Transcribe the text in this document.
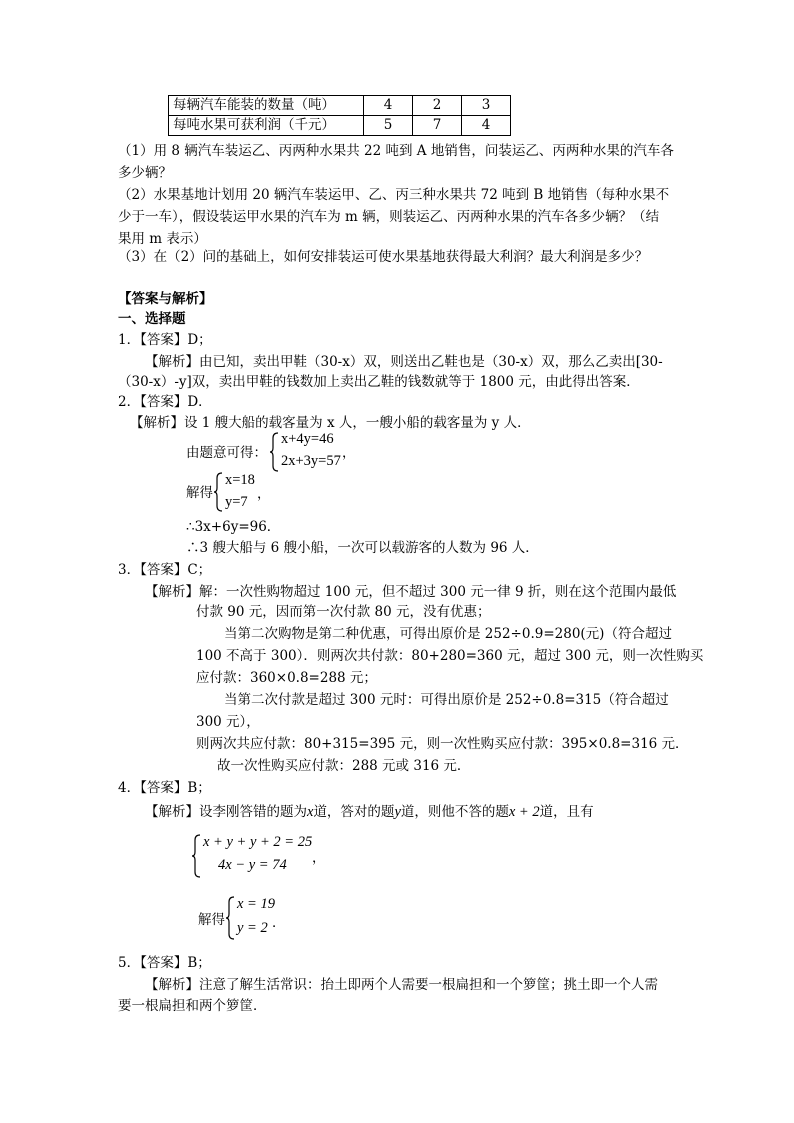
每辆汽车能装的数量（吨）	4	2	3
每吨水果可获利润（千元）	5	7	4
（1）用 8 辆汽车装运乙、丙两种水果共 22 吨到 A 地销售，问装运乙、丙两种水果的汽车各
多少辆？
（2）水果基地计划用 20 辆汽车装运甲、乙、丙三种水果共 72 吨到 B 地销售（每种水果不
少于一车），假设装运甲水果的汽车为 m 辆，则装运乙、丙两种水果的汽车各多少辆？（结
果用 m 表示）
（3）在（2）问的基础上，如何安排装运可使水果基地获得最大利润？最大利润是多少？
【答案与解析】
一、选择题
1．【答案】D；
【解析】由已知，卖出甲鞋（30-x）双，则送出乙鞋也是（30-x）双，那么乙卖出[30-
（30-x）-y]双，卖出甲鞋的钱数加上卖出乙鞋的钱数就等于 1800 元，由此得出答案．
2．【答案】D．
【解析】设 1 艘大船的载客量为 x 人，一艘小船的载客量为 y 人．
由题意可得：
x+4y=46
2x+3y=57 ，
解得
x=18
y=7 ，
∴3x+6y=96．
∴3 艘大船与 6 艘小船，一次可以载游客的人数为 96 人．
3．【答案】C；
【解析】解：一次性购物超过 100 元，但不超过 300 元一律 9 折，则在这个范围内最低
付款 90 元，因而第一次付款 80 元，没有优惠；
当第二次购物是第二种优惠，可得出原价是 252÷0.9=280(元)（符合超过
100 不高于 300）．则两次共付款：80+280=360 元，超过 300 元，则一次性购买
应付款：360×0.8=288 元；
当第二次付款是超过 300 元时：可得出原价是 252÷0.8=315（符合超过
300 元），
则两次共应付款：80+315=395 元，则一次性购买应付款：395×0.8=316 元．
故一次性购买应付款：288 元或 316 元．
4．【答案】B；
【解析】设李刚答错的题为x道，答对的题y道，则他不答的题x + 2道，且有
x + y + y + 2 = 25
4x − y = 74 ，
解得
x = 19
y = 2 ．
5．【答案】B；
【解析】注意了解生活常识：抬土即两个人需要一根扁担和一个箩筐；挑土即一个人需
要一根扁担和两个箩筐．
